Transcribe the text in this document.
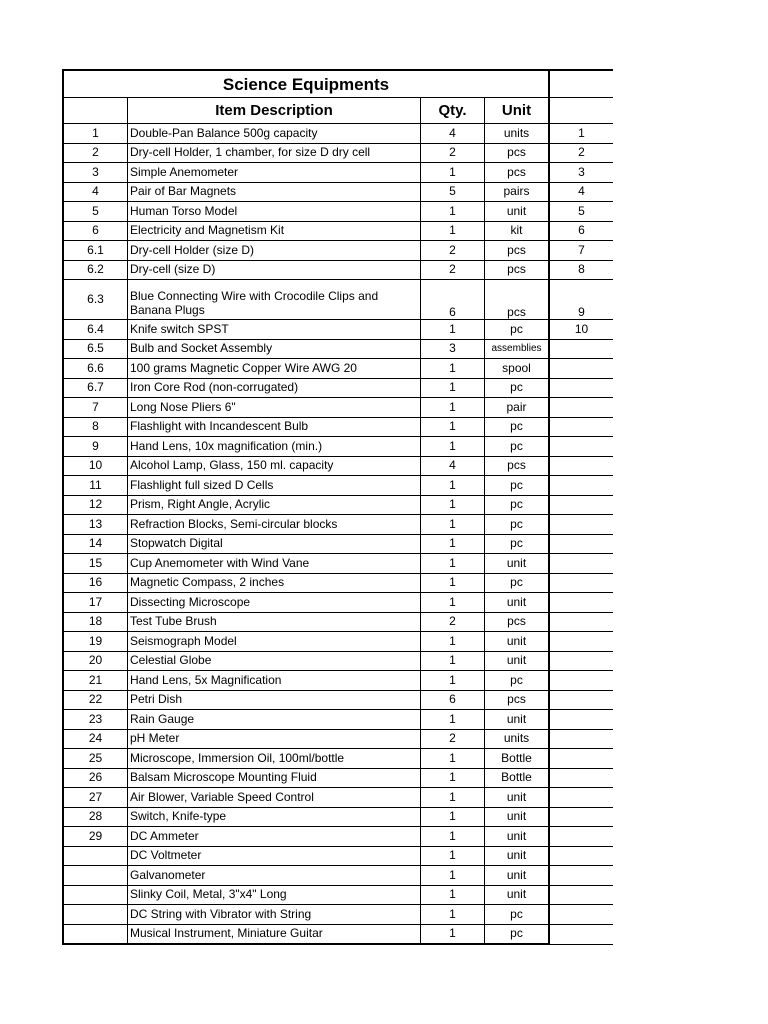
Science Equipments				
	Item Description	Qty.	Unit	
1	Double-Pan Balance 500g capacity	4	units	1
2	Dry-cell Holder, 1 chamber, for size D dry cell	2	pcs	2
3	Simple Anemometer	1	pcs	3
4	Pair of Bar Magnets	5	pairs	4
5	Human Torso Model	1	unit	5
6	Electricity and Magnetism Kit	1	kit	6
6.1	Dry-cell Holder (size D)	2	pcs	7
6.2	Dry-cell (size D)	2	pcs	8
6.3	Blue Connecting Wire with Crocodile Clips and Banana Plugs	6	pcs	9
6.4	Knife switch SPST	1	pc	10
6.5	Bulb and Socket Assembly	3	assemblies	
6.6	100 grams Magnetic Copper Wire AWG 20	1	spool	
6.7	Iron Core Rod (non-corrugated)	1	pc	
7	Long Nose Pliers 6"	1	pair	
8	Flashlight with Incandescent Bulb	1	pc	
9	Hand Lens, 10x magnification (min.)	1	pc	
10	Alcohol Lamp, Glass, 150 ml. capacity	4	pcs	
11	Flashlight full sized D Cells	1	pc	
12	Prism, Right Angle, Acrylic	1	pc	
13	Refraction Blocks, Semi-circular blocks	1	pc	
14	Stopwatch Digital	1	pc	
15	Cup Anemometer with Wind Vane	1	unit	
16	Magnetic Compass, 2 inches	1	pc	
17	Dissecting Microscope	1	unit	
18	Test Tube Brush	2	pcs	
19	Seismograph Model	1	unit	
20	Celestial Globe	1	unit	
21	Hand Lens, 5x Magnification	1	pc	
22	Petri Dish	6	pcs	
23	Rain Gauge	1	unit	
24	pH Meter	2	units	
25	Microscope, Immersion Oil, 100ml/bottle	1	Bottle	
26	Balsam Microscope Mounting Fluid	1	Bottle	
27	Air Blower, Variable Speed Control	1	unit	
28	Switch, Knife-type	1	unit	
29	DC Ammeter	1	unit	
	DC Voltmeter	1	unit	
	Galvanometer	1	unit	
	Slinky Coil, Metal, 3"x4" Long	1	unit	
	DC String with Vibrator with String	1	pc	
	Musical Instrument, Miniature Guitar	1	pc	
